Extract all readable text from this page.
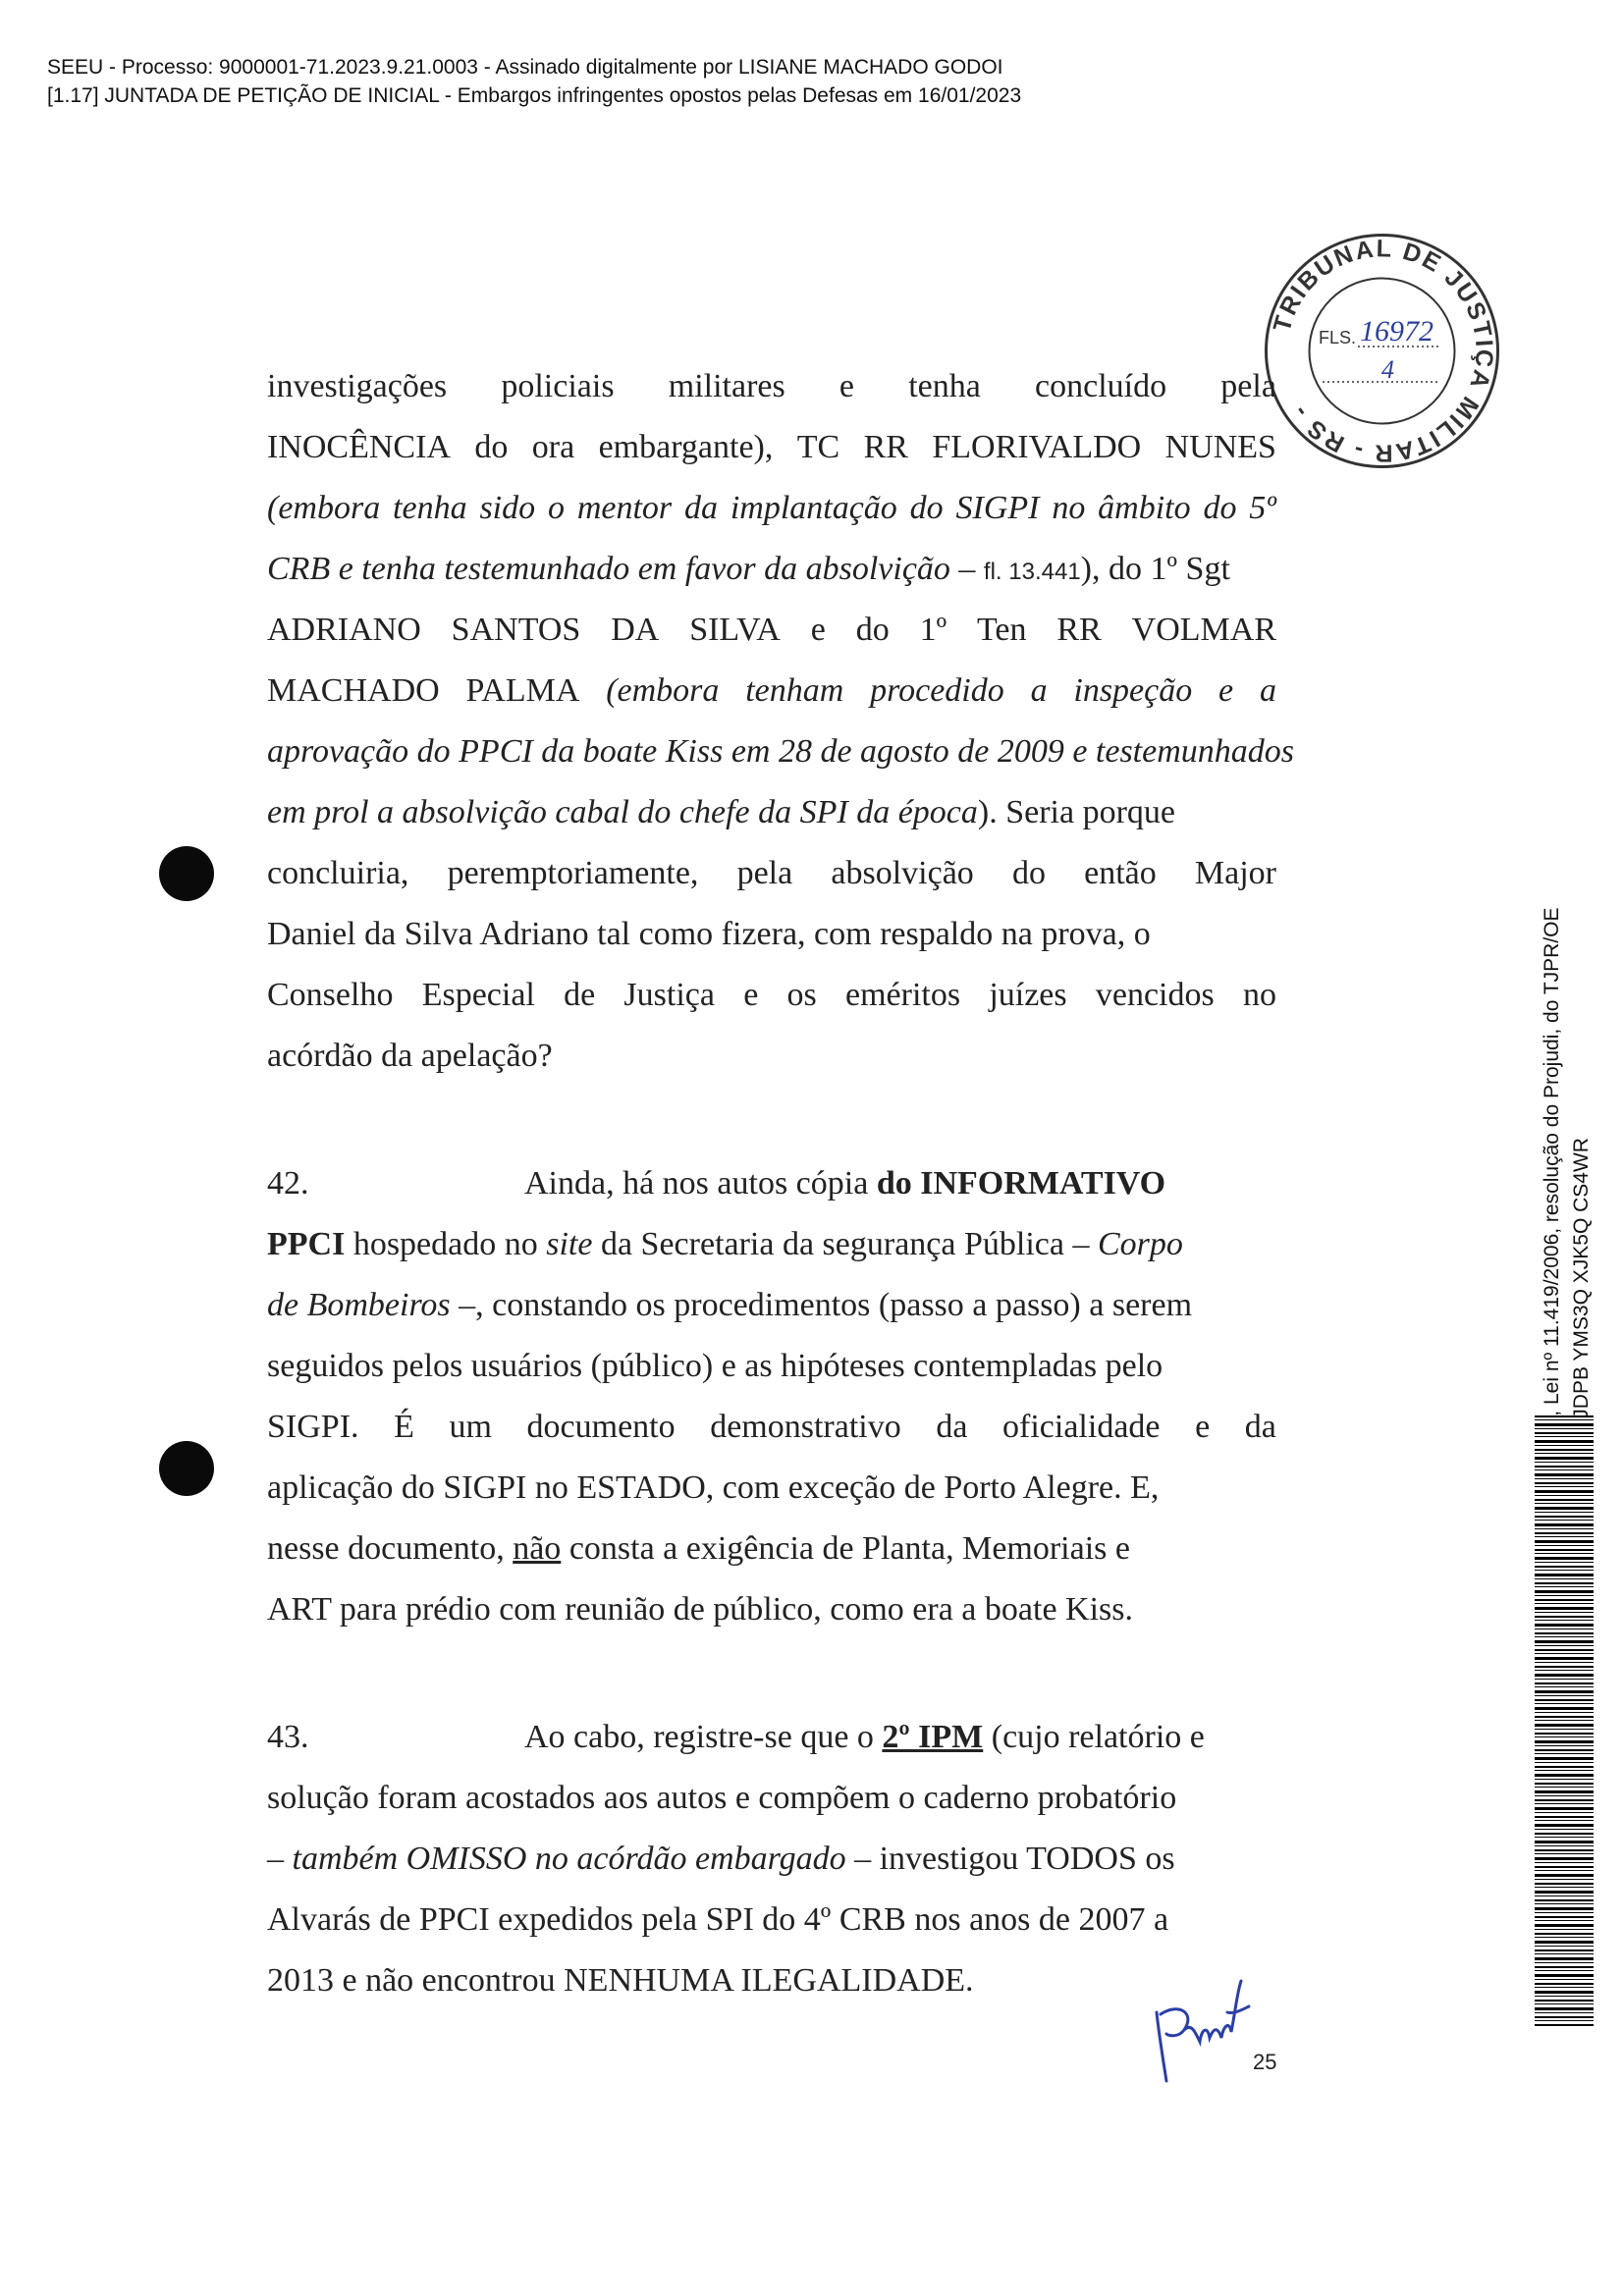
SEEU - Processo: 9000001-71.2023.9.21.0003 - Assinado digitalmente por LISIANE MACHADO GODOI
[1.17] JUNTADA DE PETIÇÃO DE INICIAL - Embargos infringentes opostos pelas Defesas em 16/01/2023
TRIBUNAL DE JUSTIÇA MILITAR - RS -
FLS. 16972
4
investigações policiais militares e tenha concluído pela
INOCÊNCIA do ora embargante), TC RR FLORIVALDO NUNES
(embora tenha sido o mentor da implantação do SIGPI no âmbito do 5º
CRB e tenha testemunhado em favor da absolvição – fl. 13.441), do 1º Sgt
ADRIANO SANTOS DA SILVA e do 1º Ten RR VOLMAR
MACHADO PALMA (embora tenham procedido a inspeção e a
aprovação do PPCI da boate Kiss em 28 de agosto de 2009 e testemunhados
em prol a absolvição cabal do chefe da SPI da época). Seria porque
concluiria, peremptoriamente, pela absolvição do então Major
Daniel da Silva Adriano tal como fizera, com respaldo na prova, o
Conselho Especial de Justiça e os eméritos juízes vencidos no
acórdão da apelação?
42.	Ainda, há nos autos cópia do INFORMATIVO
PPCI hospedado no site da Secretaria da segurança Pública – Corpo
de Bombeiros –, constando os procedimentos (passo a passo) a serem
seguidos pelos usuários (público) e as hipóteses contempladas pelo
SIGPI. É um documento demonstrativo da oficialidade e da
aplicação do SIGPI no ESTADO, com exceção de Porto Alegre. E,
nesse documento, não consta a exigência de Planta, Memoriais e
ART para prédio com reunião de público, como era a boate Kiss.
43.	Ao cabo, registre-se que o 2º IPM (cujo relatório e
solução foram acostados aos autos e compõem o caderno probatório
– também OMISSO no acórdão embargado – investigou TODOS os
Alvarás de PPCI expedidos pela SPI do 4º CRB nos anos de 2007 a
2013 e não encontrou NENHUMA ILEGALIDADE.
25
